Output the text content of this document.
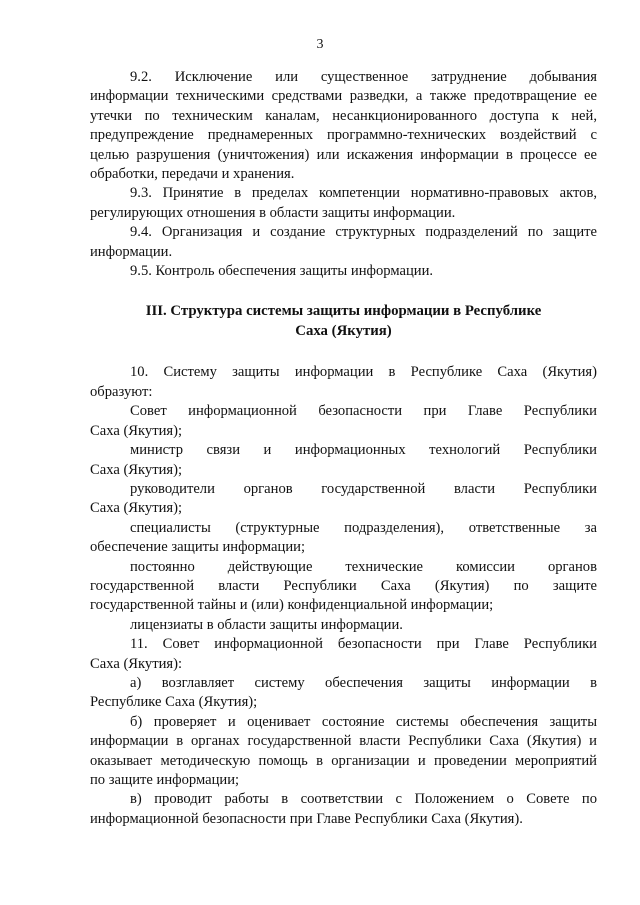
3
9.2. Исключение или существенное затруднение добывания
информации техническими средствами разведки, а также предотвращение ее
утечки по техническим каналам, несанкционированного доступа к ней,
предупреждение преднамеренных программно-технических воздействий с
целью разрушения (уничтожения) или искажения информации в процессе ее
обработки, передачи и хранения.
9.3. Принятие в пределах компетенции нормативно-правовых актов,
регулирующих отношения в области защиты информации.
9.4. Организация и создание структурных подразделений по защите
информации.
9.5. Контроль обеспечения защиты информации.
III. Структура системы защиты информации в Республике
Саха (Якутия)
10. Систему защиты информации в Республике Саха (Якутия)
образуют:
Совет информационной безопасности при Главе Республики
Саха (Якутия);
министр связи и информационных технологий Республики
Саха (Якутия);
руководители органов государственной власти Республики
Саха (Якутия);
специалисты (структурные подразделения), ответственные за
обеспечение защиты информации;
постоянно действующие технические комиссии органов
государственной власти Республики Саха (Якутия) по защите
государственной тайны и (или) конфиденциальной информации;
лицензиаты в области защиты информации.
11. Совет информационной безопасности при Главе Республики
Саха (Якутия):
а) возглавляет систему обеспечения защиты информации в
Республике Саха (Якутия);
б) проверяет и оценивает состояние системы обеспечения защиты
информации в органах государственной власти Республики Саха (Якутия) и
оказывает методическую помощь в организации и проведении мероприятий
по защите информации;
в) проводит работы в соответствии с Положением о Совете по
информационной безопасности при Главе Республики Саха (Якутия).
